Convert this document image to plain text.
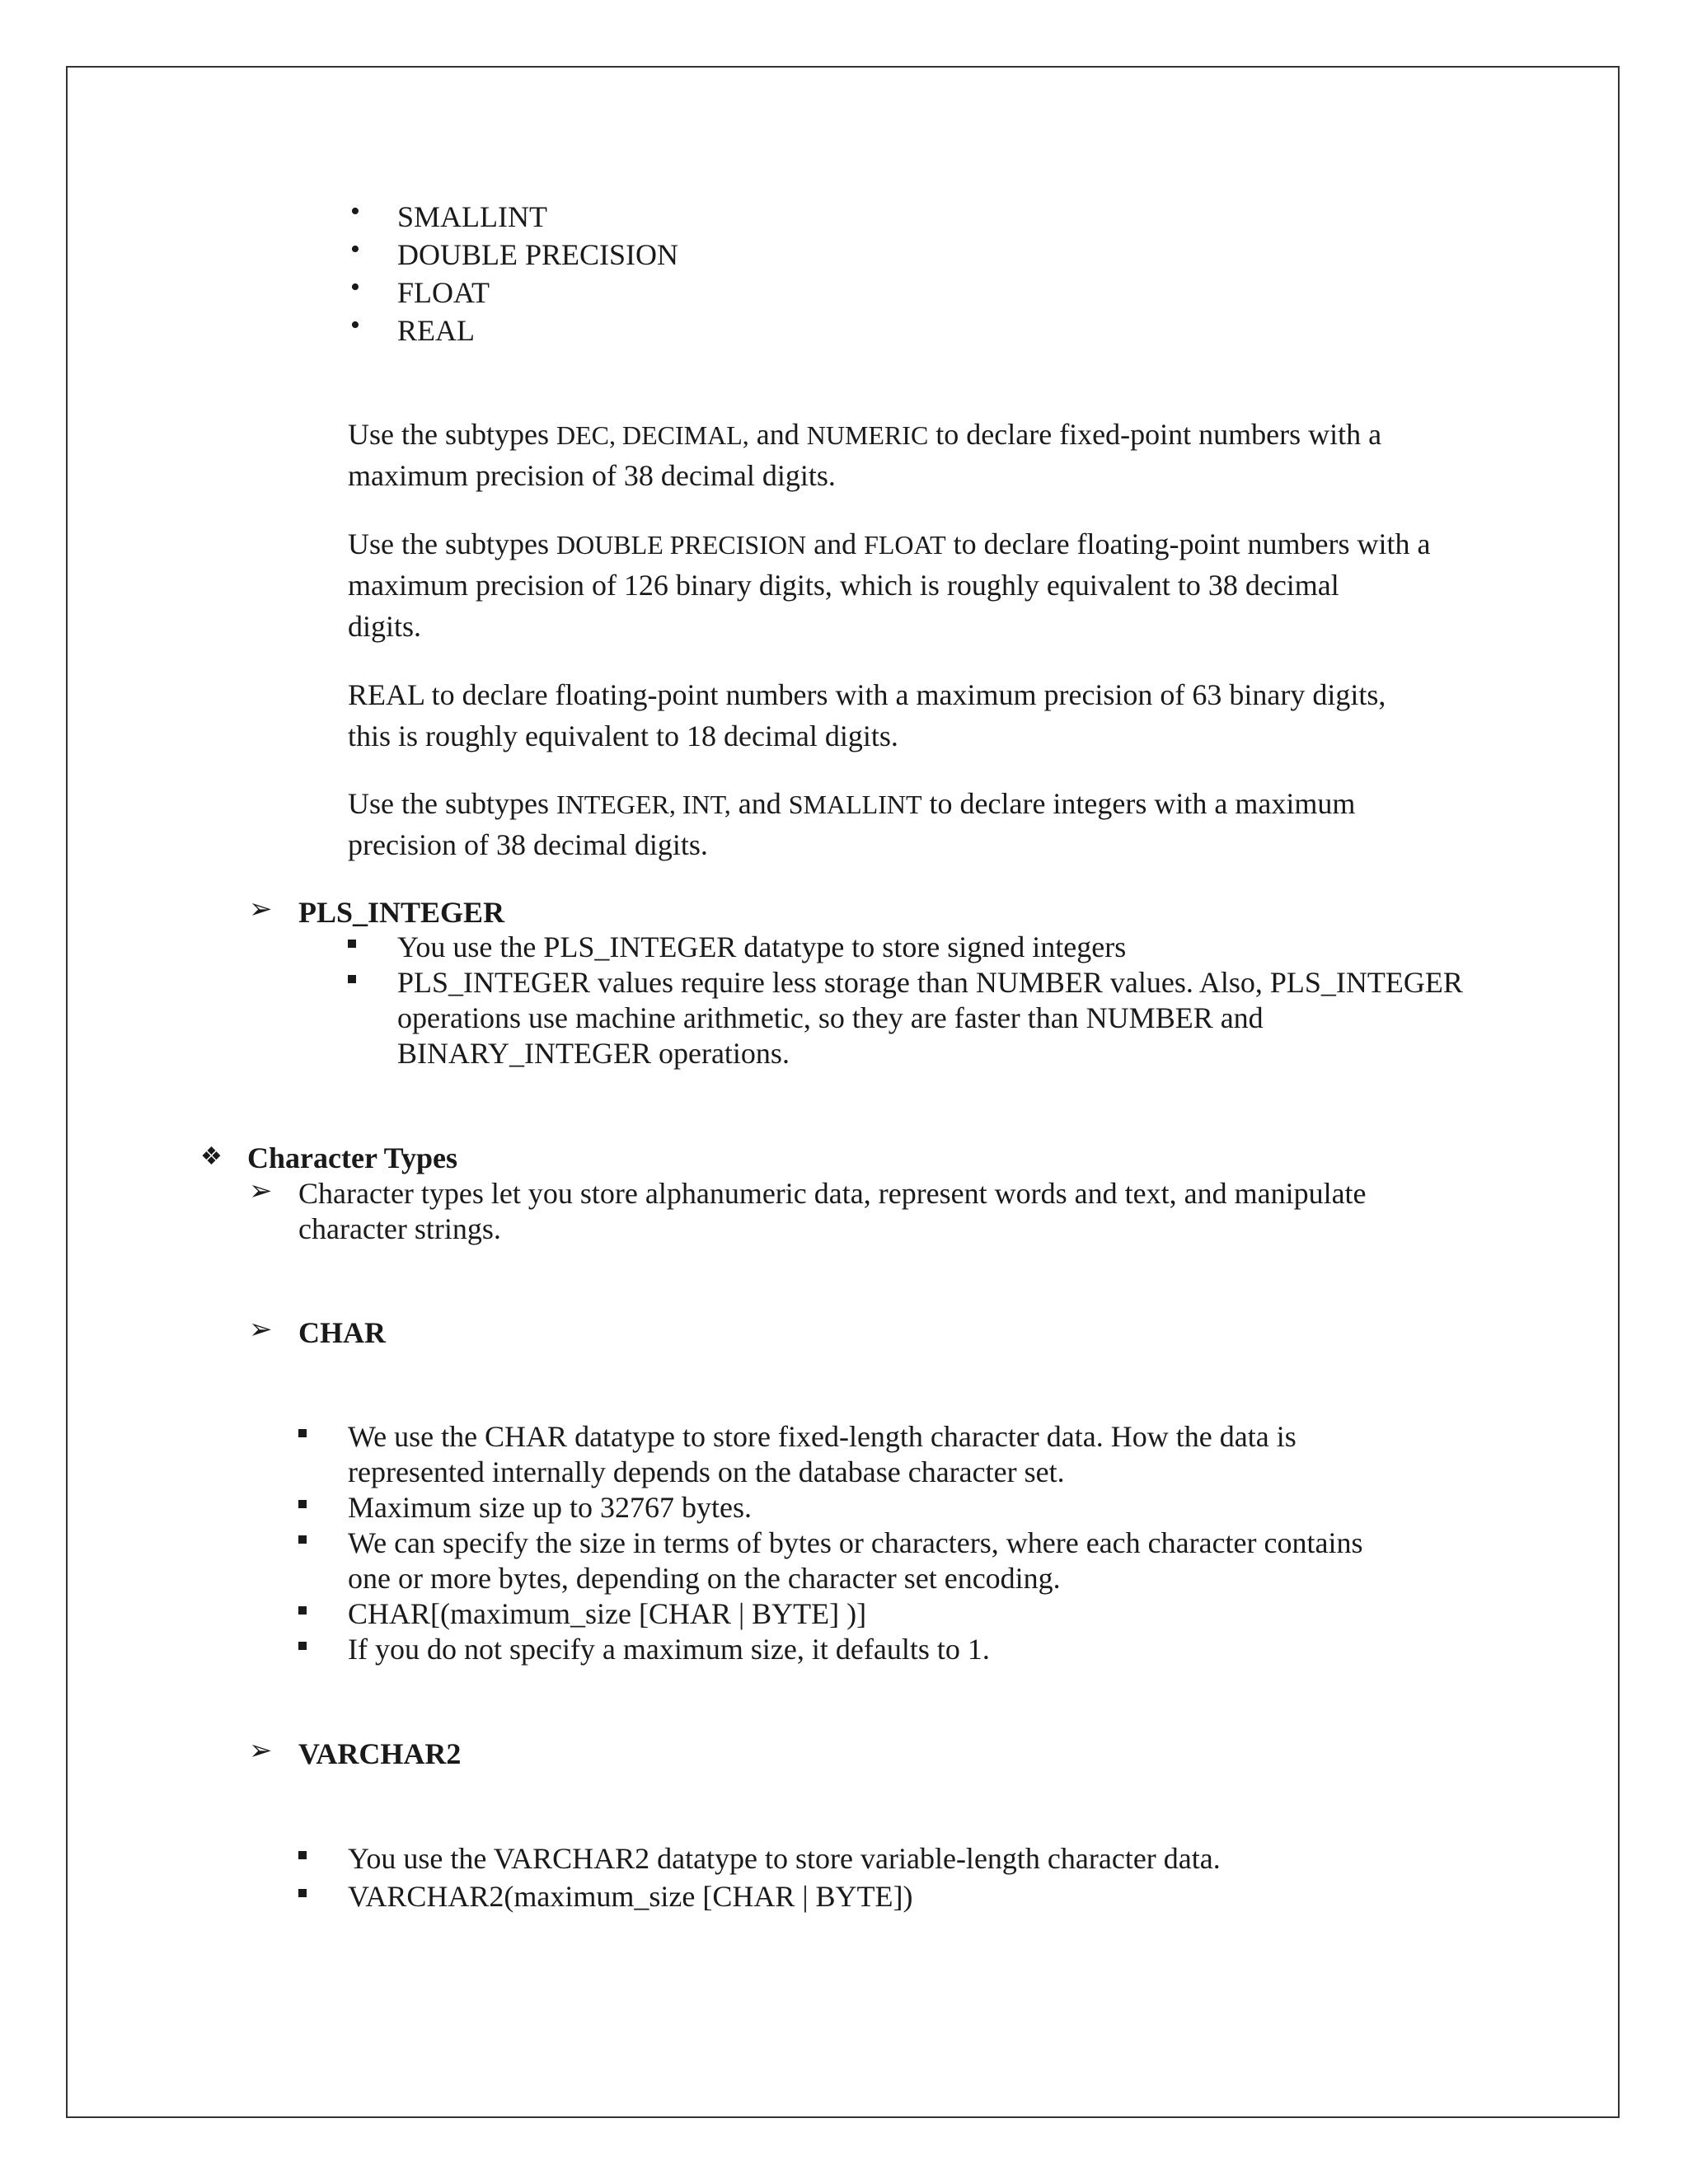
• SMALLINT
• DOUBLE PRECISION
• FLOAT
• REAL
Use the subtypes DEC, DECIMAL, and NUMERIC to declare fixed-point numbers with a
maximum precision of 38 decimal digits.
Use the subtypes DOUBLE PRECISION and FLOAT to declare floating-point numbers with a
maximum precision of 126 binary digits, which is roughly equivalent to 38 decimal
digits.
REAL to declare floating-point numbers with a maximum precision of 63 binary digits,
this is roughly equivalent to 18 decimal digits.
Use the subtypes INTEGER, INT, and SMALLINT to declare integers with a maximum
precision of 38 decimal digits.
➢ PLS_INTEGER
You use the PLS_INTEGER datatype to store signed integers
PLS_INTEGER values require less storage than NUMBER values. Also, PLS_INTEGER
operations use machine arithmetic, so they are faster than NUMBER and
BINARY_INTEGER operations.
❖ Character Types
➢ Character types let you store alphanumeric data, represent words and text, and manipulate
character strings.
➢ CHAR
We use the CHAR datatype to store fixed-length character data. How the data is
represented internally depends on the database character set.
Maximum size up to 32767 bytes.
We can specify the size in terms of bytes or characters, where each character contains
one or more bytes, depending on the character set encoding.
CHAR[(maximum_size [CHAR | BYTE] )]
If you do not specify a maximum size, it defaults to 1.
➢ VARCHAR2
You use the VARCHAR2 datatype to store variable-length character data.
VARCHAR2(maximum_size [CHAR | BYTE])
